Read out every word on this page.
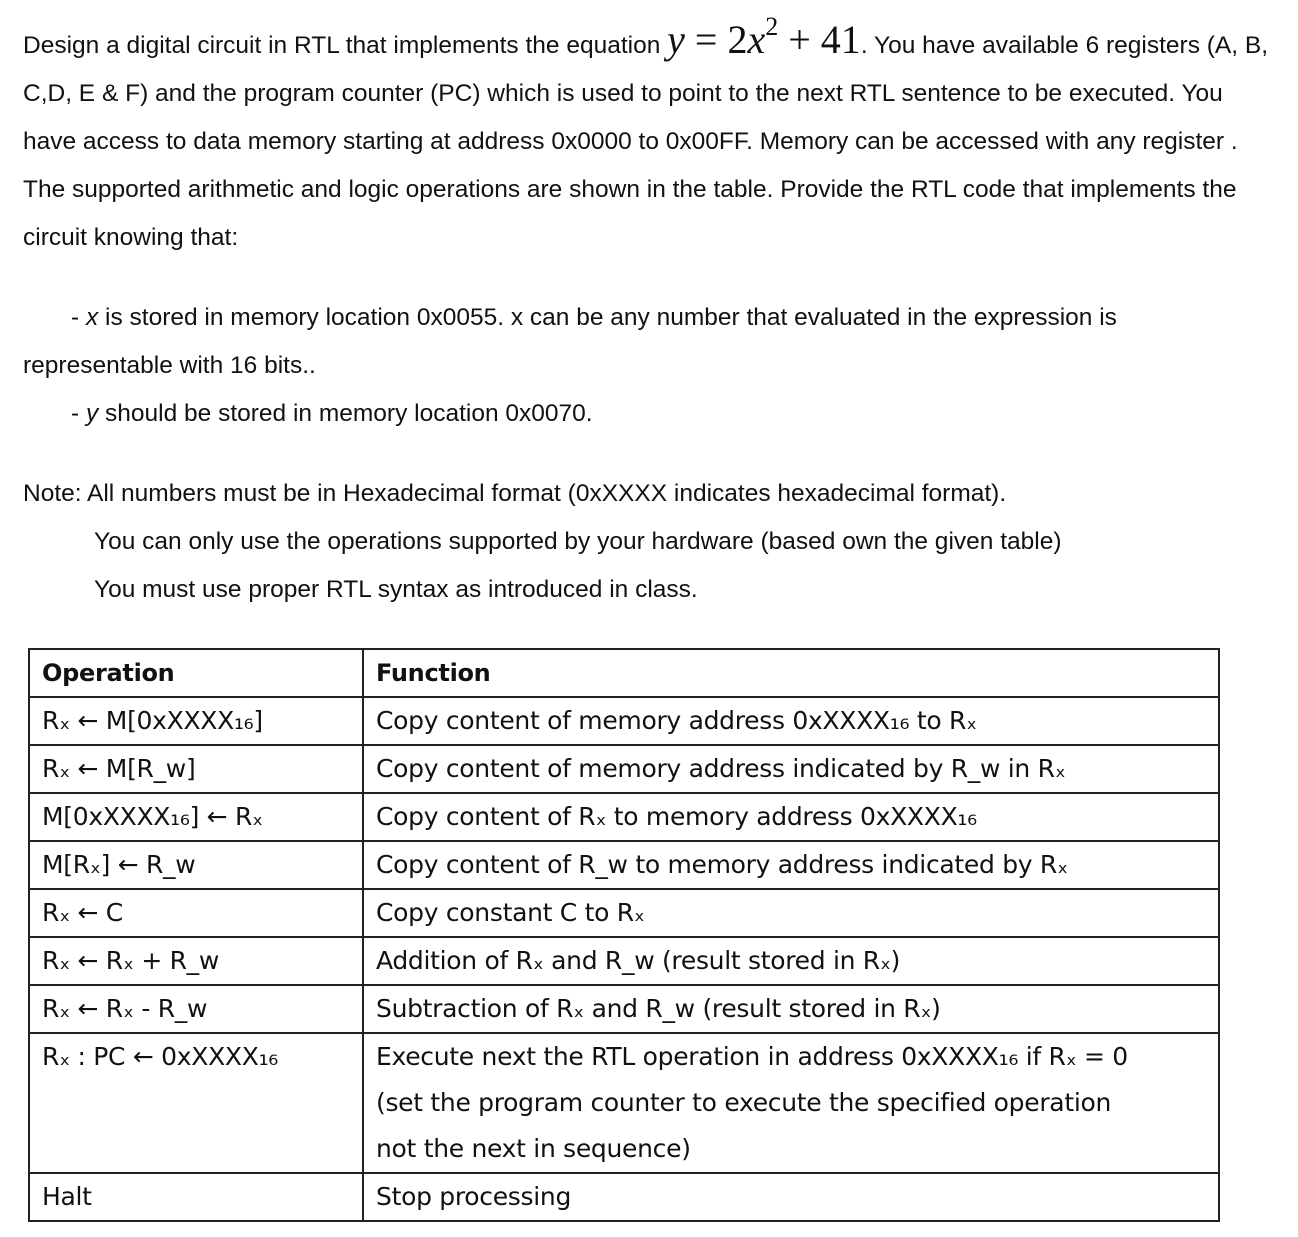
Design a digital circuit in RTL that implements the equation $y = 2x^2 + 41$. You have available 6 registers (A, B, C,D, E & F) and the program counter (PC) which is used to point to the next RTL sentence to be executed. You have access to data memory starting at address 0x0000 to 0x00FF. Memory can be accessed with any register . The supported arithmetic and logic operations are shown in the table. Provide the RTL code that implements the circuit knowing that:

- x is stored in memory location 0x0055. x can be any number that evaluated in the expression is representable with 16 bits..

- y should be stored in memory location 0x0070.

Note: All numbers must be in Hexadecimal format (0xXXXX indicates hexadecimal format).

You can only use the operations supported by your hardware (based own the given table)

You must use proper RTL syntax as introduced in class.

Operation	Function
Rₓ ← M[0xXXXX₁₆]	Copy content of memory address 0xXXXX₁₆ to Rₓ
Rₓ ← M[R_w]	Copy content of memory address indicated by R_w in Rₓ
M[0xXXXX₁₆] ← Rₓ	Copy content of Rₓ to memory address 0xXXXX₁₆
M[Rₓ] ← R_w	Copy content of R_w to memory address indicated by Rₓ
Rₓ ← C	Copy constant C to Rₓ
Rₓ ← Rₓ + R_w	Addition of Rₓ and R_w (result stored in Rₓ)
Rₓ ← Rₓ - R_w	Subtraction of Rₓ and R_w (result stored in Rₓ)
Rₓ : PC ← 0xXXXX₁₆	Execute next the RTL operation in address 0xXXXX₁₆ if Rₓ = 0
(set the program counter to execute the specified operation
not the next in sequence)

Halt	Stop processing
